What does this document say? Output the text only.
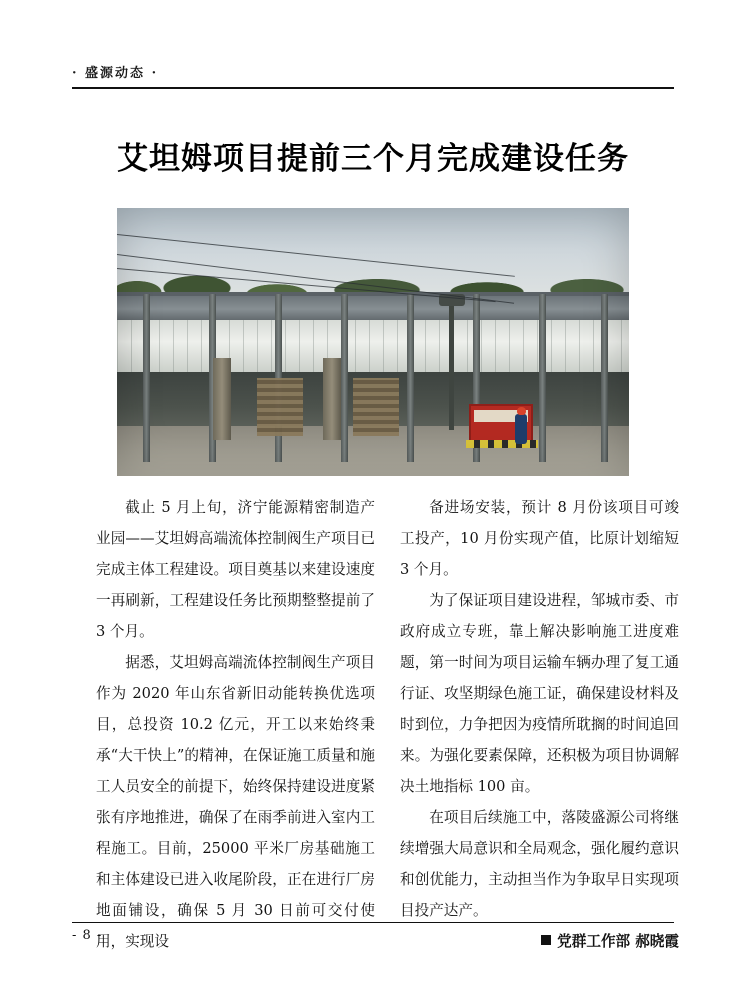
· 盛源动态 ·
艾坦姆项目提前三个月完成建设任务

截止 5 月上旬，济宁能源精密制造产业园——艾坦姆高端流体控制阀生产项目已完成主体工程建设。项目奠基以来建设速度一再刷新，工程建设任务比预期整整提前了 3 个月。

据悉，艾坦姆高端流体控制阀生产项目作为 2020 年山东省新旧动能转换优选项目，总投资 10.2 亿元，开工以来始终秉承“大干快上”的精神，在保证施工质量和施工人员安全的前提下，始终保持建设进度紧张有序地推进，确保了在雨季前进入室内工程施工。目前，25000 平米厂房基础施工和主体建设已进入收尾阶段，正在进行厂房地面铺设，确保 5 月 30 日前可交付使用，实现设

备进场安装，预计 8 月份该项目可竣工投产，10 月份实现产值，比原计划缩短 3 个月。

为了保证项目建设进程，邹城市委、市政府成立专班，靠上解决影响施工进度难题，第一时间为项目运输车辆办理了复工通行证、攻坚期绿色施工证，确保建设材料及时到位，力争把因为疫情所耽搁的时间追回来。为强化要素保障，还积极为项目协调解决土地指标 100 亩。

在项目后续施工中，落陵盛源公司将继续增强大局意识和全局观念，强化履约意识和创优能力，主动担当作为争取早日实现项目投产达产。

党群工作部 郝晓霞

- 8 -
